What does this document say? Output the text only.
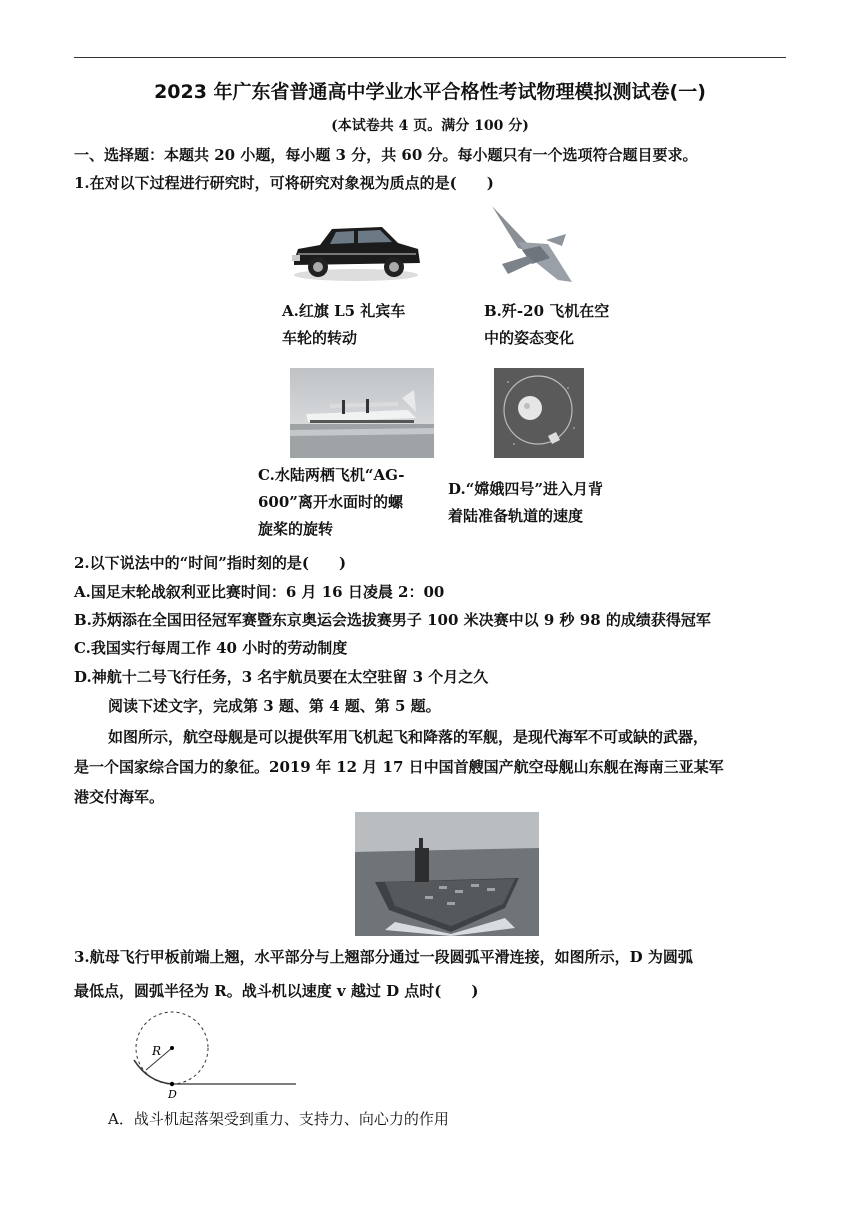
2023 年广东省普通高中学业水平合格性考试物理模拟测试卷(一)
(本试卷共 4 页。满分 100 分)
一、选择题：本题共 20 小题，每小题 3 分，共 60 分。每小题只有一个选项符合题目要求。
1.在对以下过程进行研究时，可将研究对象视为质点的是(　　)
A.红旗 L5 礼宾车
车轮的转动
B.歼-20 飞机在空
中的姿态变化
C.水陆两栖飞机“AG-
600”离开水面时的螺
旋桨的旋转
D.“嫦娥四号”进入月背
着陆准备轨道的速度
2.以下说法中的“时间”指时刻的是(　　)
A.国足末轮战叙利亚比赛时间：6 月 16 日凌晨 2：00
B.苏炳添在全国田径冠军赛暨东京奥运会选拔赛男子 100 米决赛中以 9 秒 98 的成绩获得冠军
C.我国实行每周工作 40 小时的劳动制度
D.神航十二号飞行任务，3 名宇航员要在太空驻留 3 个月之久
阅读下述文字，完成第 3 题、第 4 题、第 5 题。
如图所示，航空母舰是可以提供军用飞机起飞和降落的军舰，是现代海军不可或缺的武器，
是一个国家综合国力的象征。2019 年 12 月 17 日中国首艘国产航空母舰山东舰在海南三亚某军
港交付海军。
3.航母飞行甲板前端上翘，水平部分与上翘部分通过一段圆弧平滑连接，如图所示，D 为圆弧
最低点，圆弧半径为 R。战斗机以速度 v 越过 D 点时(　　)
R
D
A．战斗机起落架受到重力、支持力、向心力的作用
